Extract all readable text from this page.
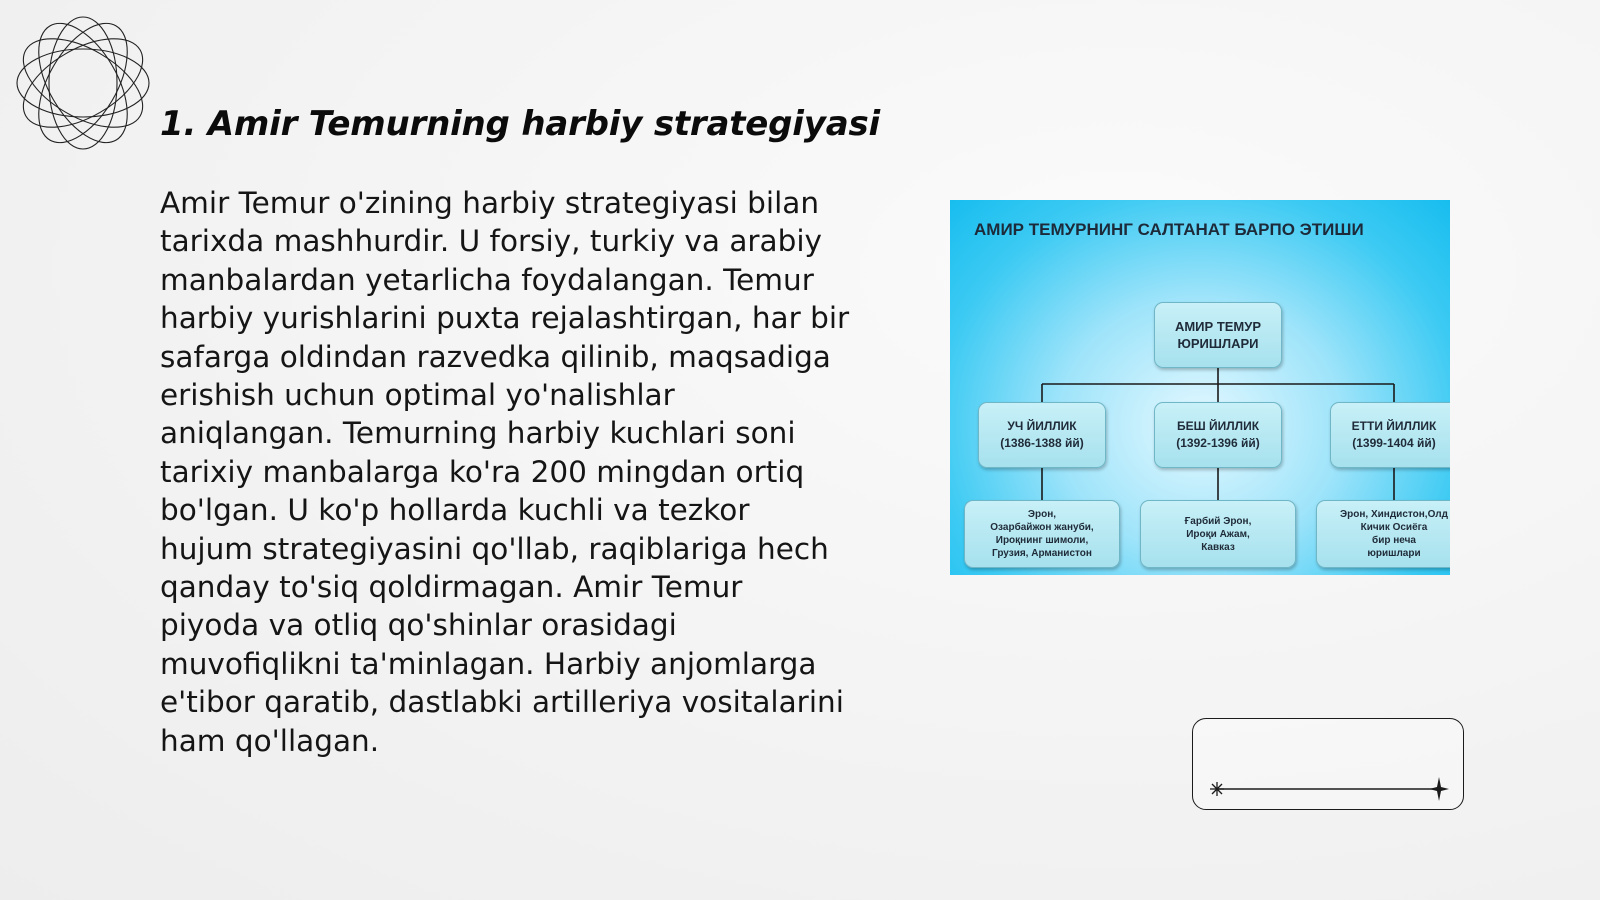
1. Amir Temurning harbiy strategiyasi

Amir Temur o'zining harbiy strategiyasi bilan tarixda mashhurdir. U forsiy, turkiy va arabiy manbalardan yetarlicha foydalangan. Temur harbiy yurishlarini puxta rejalashtirgan, har bir safarga oldindan razvedka qilinib, maqsadiga erishish uchun optimal yo'nalishlar aniqlangan. Temurning harbiy kuchlari soni tarixiy manbalarga ko'ra 200 mingdan ortiq bo'lgan. U ko'p hollarda kuchli va tezkor hujum strategiyasini qo'llab, raqiblariga hech qanday to'siq qoldirmagan. Amir Temur piyoda va otliq qo'shinlar orasidagi muvofiqlikni ta'minlagan. Harbiy anjomlarga e'tibor qaratib, dastlabki artilleriya vositalarini ham qo'llagan.

АМИР ТЕМУРНИНГ САЛТАНАТ БАРПО ЭТИШИ
АМИР ТЕМУР
ЮРИШЛАРИ
УЧ ЙИЛЛИК
(1386-1388 йй)
БЕШ ЙИЛЛИК
(1392-1396 йй)
ЕТТИ ЙИЛЛИК
(1399-1404 йй)
Эрон,
Озарбайжон жануби,
Ироқнинг шимоли,
Грузия, Арманистон
Ғарбий Эрон,
Ироқи Ажам,
Кавказ
Эрон, Хиндистон,Олд
Кичик Осиёга
бир неча
юришлари
